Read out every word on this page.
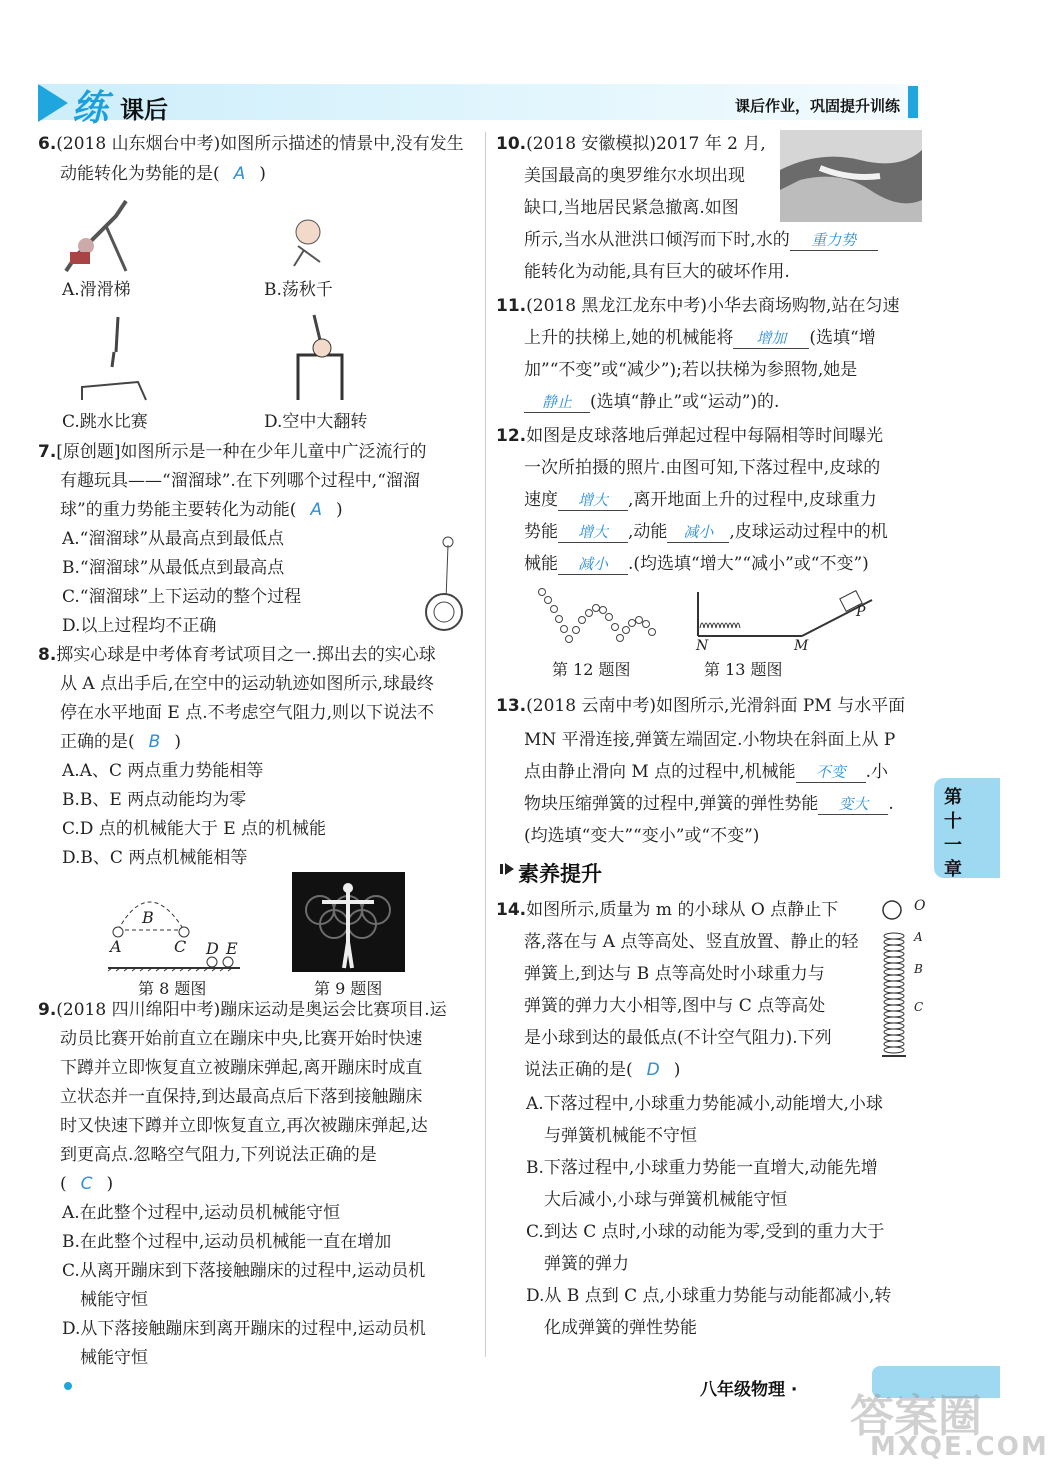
练 课后	课后作业，巩固提升训练
6.(2018 山东烟台中考)如图所示描述的情景中,没有发生
动能转化为势能的是( A )
A.滑滑梯	B.荡秋千
C.跳水比赛	D.空中大翻转
7.[原创题]如图所示是一种在少年儿童中广泛流行的
有趣玩具——“溜溜球”.在下列哪个过程中,“溜溜
球”的重力势能主要转化为动能( A )
A.“溜溜球”从最高点到最低点
B.“溜溜球”从最低点到最高点
C.“溜溜球”上下运动的整个过程
D.以上过程均不正确
8.掷实心球是中考体育考试项目之一.掷出去的实心球
从 A 点出手后,在空中的运动轨迹如图所示,球最终
停在水平地面 E 点.不考虑空气阻力,则以下说法不
正确的是( B )
A.A、C 两点重力势能相等
B.B、E 两点动能均为零
C.D 点的机械能大于 E 点的机械能
D.B、C 两点机械能相等
A
B
C D E
第 8 题图	第 9 题图
9.(2018 四川绵阳中考)蹦床运动是奥运会比赛项目.运
动员比赛开始前直立在蹦床中央,比赛开始时快速
下蹲并立即恢复直立被蹦床弹起,离开蹦床时成直
立状态并一直保持,到达最高点后下落到接触蹦床
时又快速下蹲并立即恢复直立,再次被蹦床弹起,达
到更高点.忽略空气阻力,下列说法正确的是
( C )
A.在此整个过程中,运动员机械能守恒
B.在此整个过程中,运动员机械能一直在增加
C.从离开蹦床到下落接触蹦床的过程中,运动员机
械能守恒
D.从下落接触蹦床到离开蹦床的过程中,运动员机
械能守恒
10.(2018 安徽模拟)2017 年 2 月,
美国最高的奥罗维尔水坝出现
缺口,当地居民紧急撤离.如图
所示,当水从泄洪口倾泻而下时,水的 重力势
能转化为动能,具有巨大的破坏作用.
11.(2018 黑龙江龙东中考)小华去商场购物,站在匀速
上升的扶梯上,她的机械能将 增加 (选填“增
加”“不变”或“减少”);若以扶梯为参照物,她是
静止 (选填“静止”或“运动”)的.
12.如图是皮球落地后弹起过程中每隔相等时间曝光
一次所拍摄的照片.由图可知,下落过程中,皮球的
速度 增大 ,离开地面上升的过程中,皮球重力
势能 增大 ,动能 减小 ,皮球运动过程中的机
械能 减小 .(均选填“增大”“减小”或“不变”)
第 12 题图
N	M
P
第 13 题图
13.(2018 云南中考)如图所示,光滑斜面 PM 与水平面
MN 平滑连接,弹簧左端固定.小物块在斜面上从 P
点由静止滑向 M 点的过程中,机械能 不变 .小
物块压缩弹簧的过程中,弹簧的弹性势能 变大 .
(均选填“变大”“变小”或“不变”)
素养提升
14.如图所示,质量为 m 的小球从 O 点静止下
落,落在与 A 点等高处、竖直放置、静止的轻
弹簧上,到达与 B 点等高处时小球重力与
弹簧的弹力大小相等,图中与 C 点等高处
是小球到达的最低点(不计空气阻力).下列
说法正确的是( D )
O
A
B
C
A.下落过程中,小球重力势能减小,动能增大,小球
与弹簧机械能不守恒
B.下落过程中,小球重力势能一直增大,动能先增
大后减小,小球与弹簧机械能守恒
C.到达 C 点时,小球的动能为零,受到的重力大于
弹簧的弹力
D.从 B 点到 C 点,小球重力势能与动能都减小,转
化成弹簧的弹性势能
第十一章
八年级物理 ·
答案圈
MXQE.COM
